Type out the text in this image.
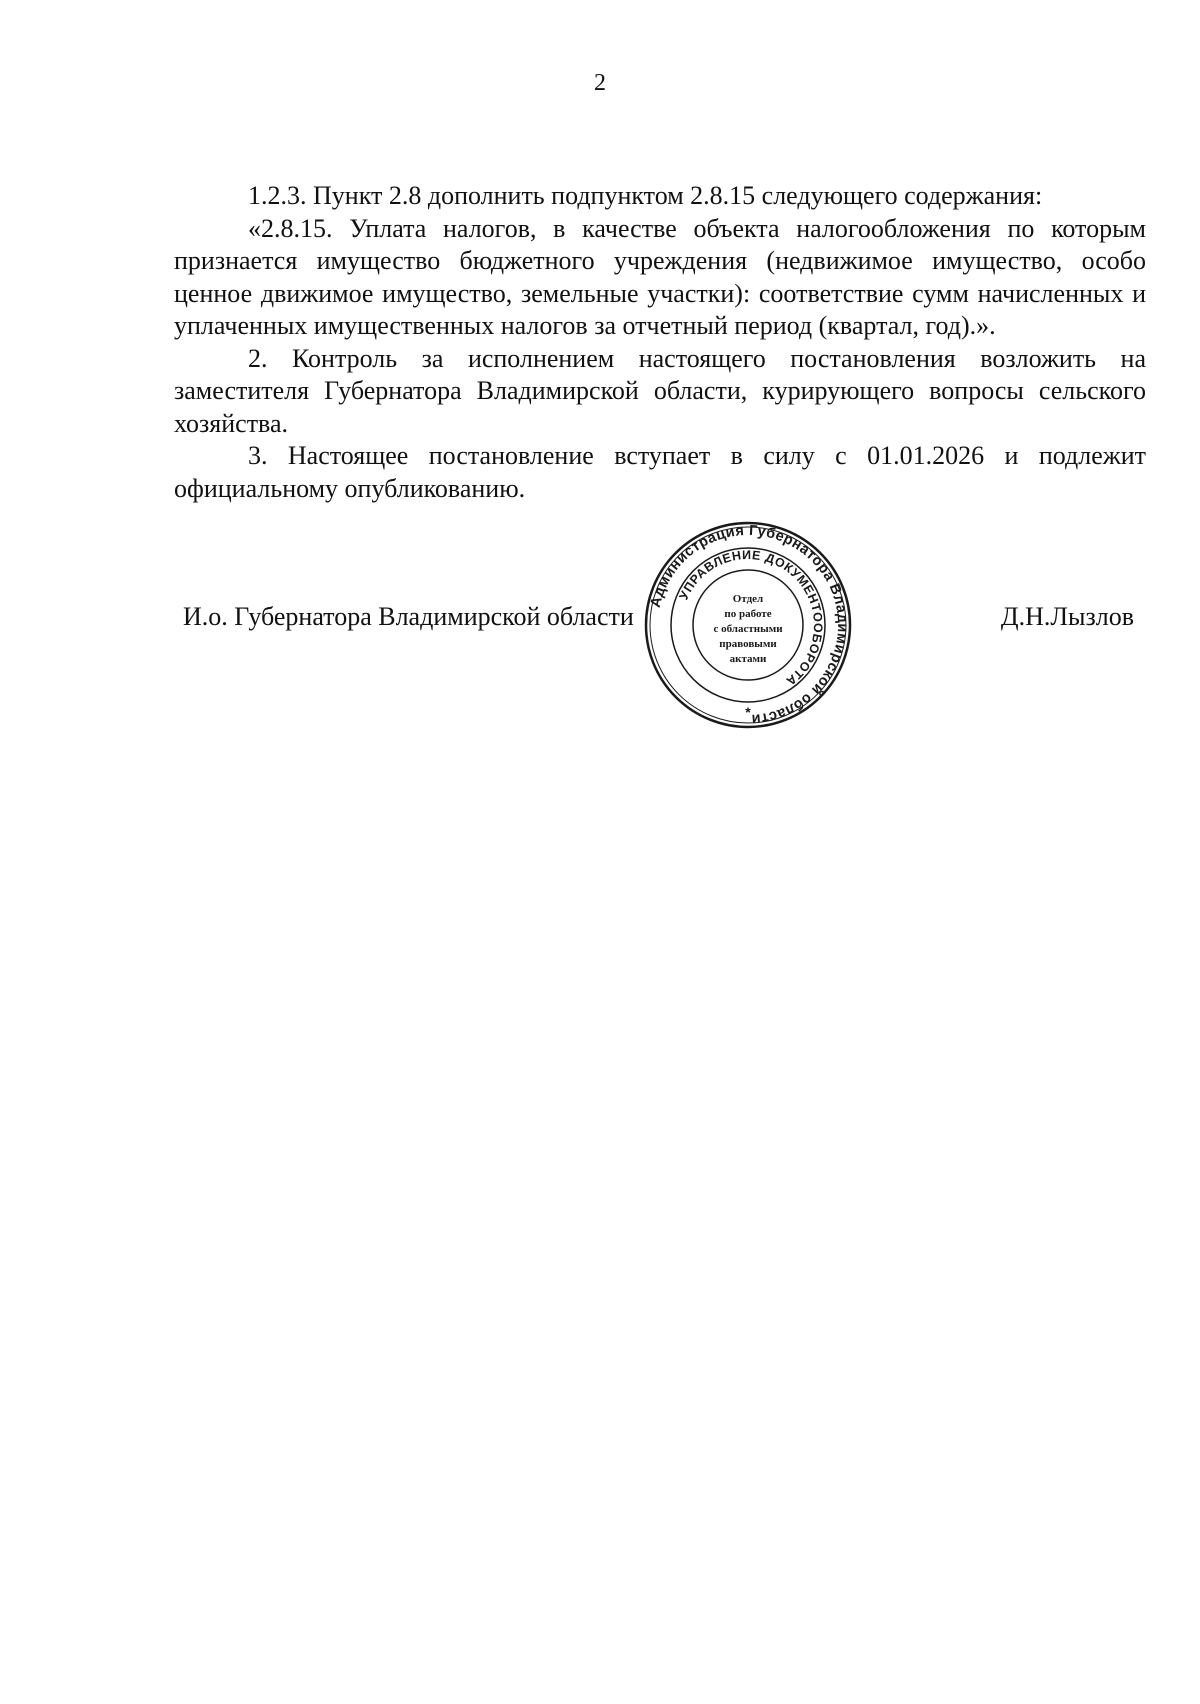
2

1.2.3. Пункт 2.8 дополнить подпунктом 2.8.15 следующего содержания:

«2.8.15. Уплата налогов, в качестве объекта налогообложения по которым признается имущество бюджетного учреждения (недвижимое имущество, особо ценное движимое имущество, земельные участки): соответствие сумм начисленных и уплаченных имущественных налогов за отчетный период (квартал, год).».

2. Контроль за исполнением настоящего постановления возложить на заместителя Губернатора Владимирской области, курирующего вопросы сельского хозяйства.

3. Настоящее постановление вступает в силу с 01.01.2026 и подлежит официальному опубликованию.

И.о. Губернатора Владимирской области	Д.Н.Лызлов
Администрация Губернатора Владимирской области
УПРАВЛЕНИЕ ДОКУМЕНТООБОРОТА
*
Отдел
по работе
с областными
правовыми
актами
